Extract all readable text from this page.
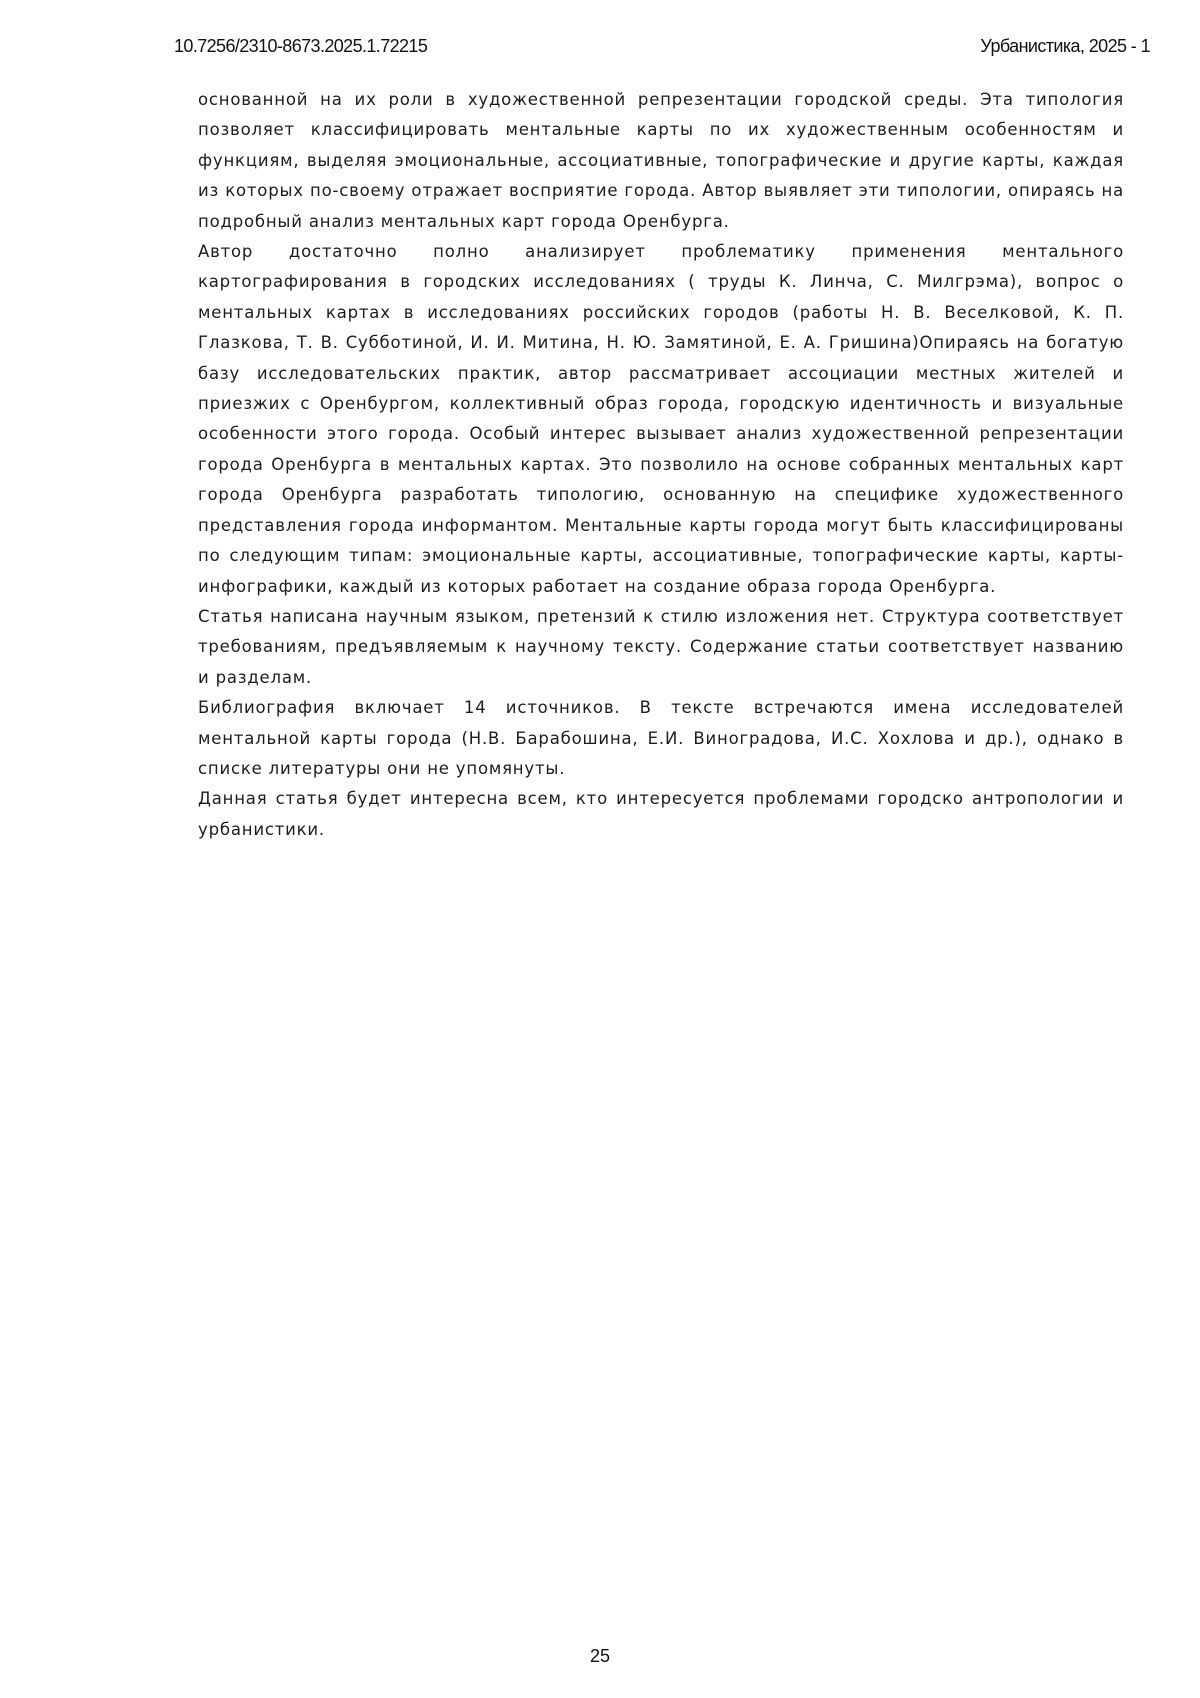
10.7256/2310-8673.2025.1.72215	Урбанистика, 2025 - 1

основанной на их роли в художественной репрезентации городской среды. Эта типология позволяет классифицировать ментальные карты по их художественным особенностям и функциям, выделяя эмоциональные, ассоциативные, топографические и другие карты, каждая из которых по-своему отражает восприятие города. Автор выявляет эти типологии, опираясь на подробный анализ ментальных карт города Оренбурга.

Автор достаточно полно анализирует проблематику применения ментального картографирования в городских исследованиях ( труды К. Линча, С. Милгрэма), вопрос о ментальных картах в исследованиях российских городов (работы Н. В. Веселковой, К. П. Глазкова, Т. В. Субботиной, И. И. Митина, Н. Ю. Замятиной, Е. А. Гришина)Опираясь на богатую базу исследовательских практик, автор рассматривает ассоциации местных жителей и приезжих с Оренбургом, коллективный образ города, городскую идентичность и визуальные особенности этого города. Особый интерес вызывает анализ художественной репрезентации города Оренбурга в ментальных картах. Это позволило на основе собранных ментальных карт города Оренбурга разработать типологию, основанную на специфике художественного представления города информантом. Ментальные карты города могут быть классифицированы по следующим типам: эмоциональные карты, ассоциативные, топографические карты, карты-инфографики, каждый из которых работает на создание образа города Оренбурга.

Статья написана научным языком, претензий к стилю изложения нет. Структура соответствует требованиям, предъявляемым к научному тексту. Содержание статьи соответствует названию и разделам.

Библиография включает 14 источников. В тексте встречаются имена исследователей ментальной карты города (Н.В. Барабошина, Е.И. Виноградова, И.С. Хохлова и др.), однако в списке литературы они не упомянуты.

Данная статья будет интересна всем, кто интересуется проблемами городско антропологии и урбанистики.

25
